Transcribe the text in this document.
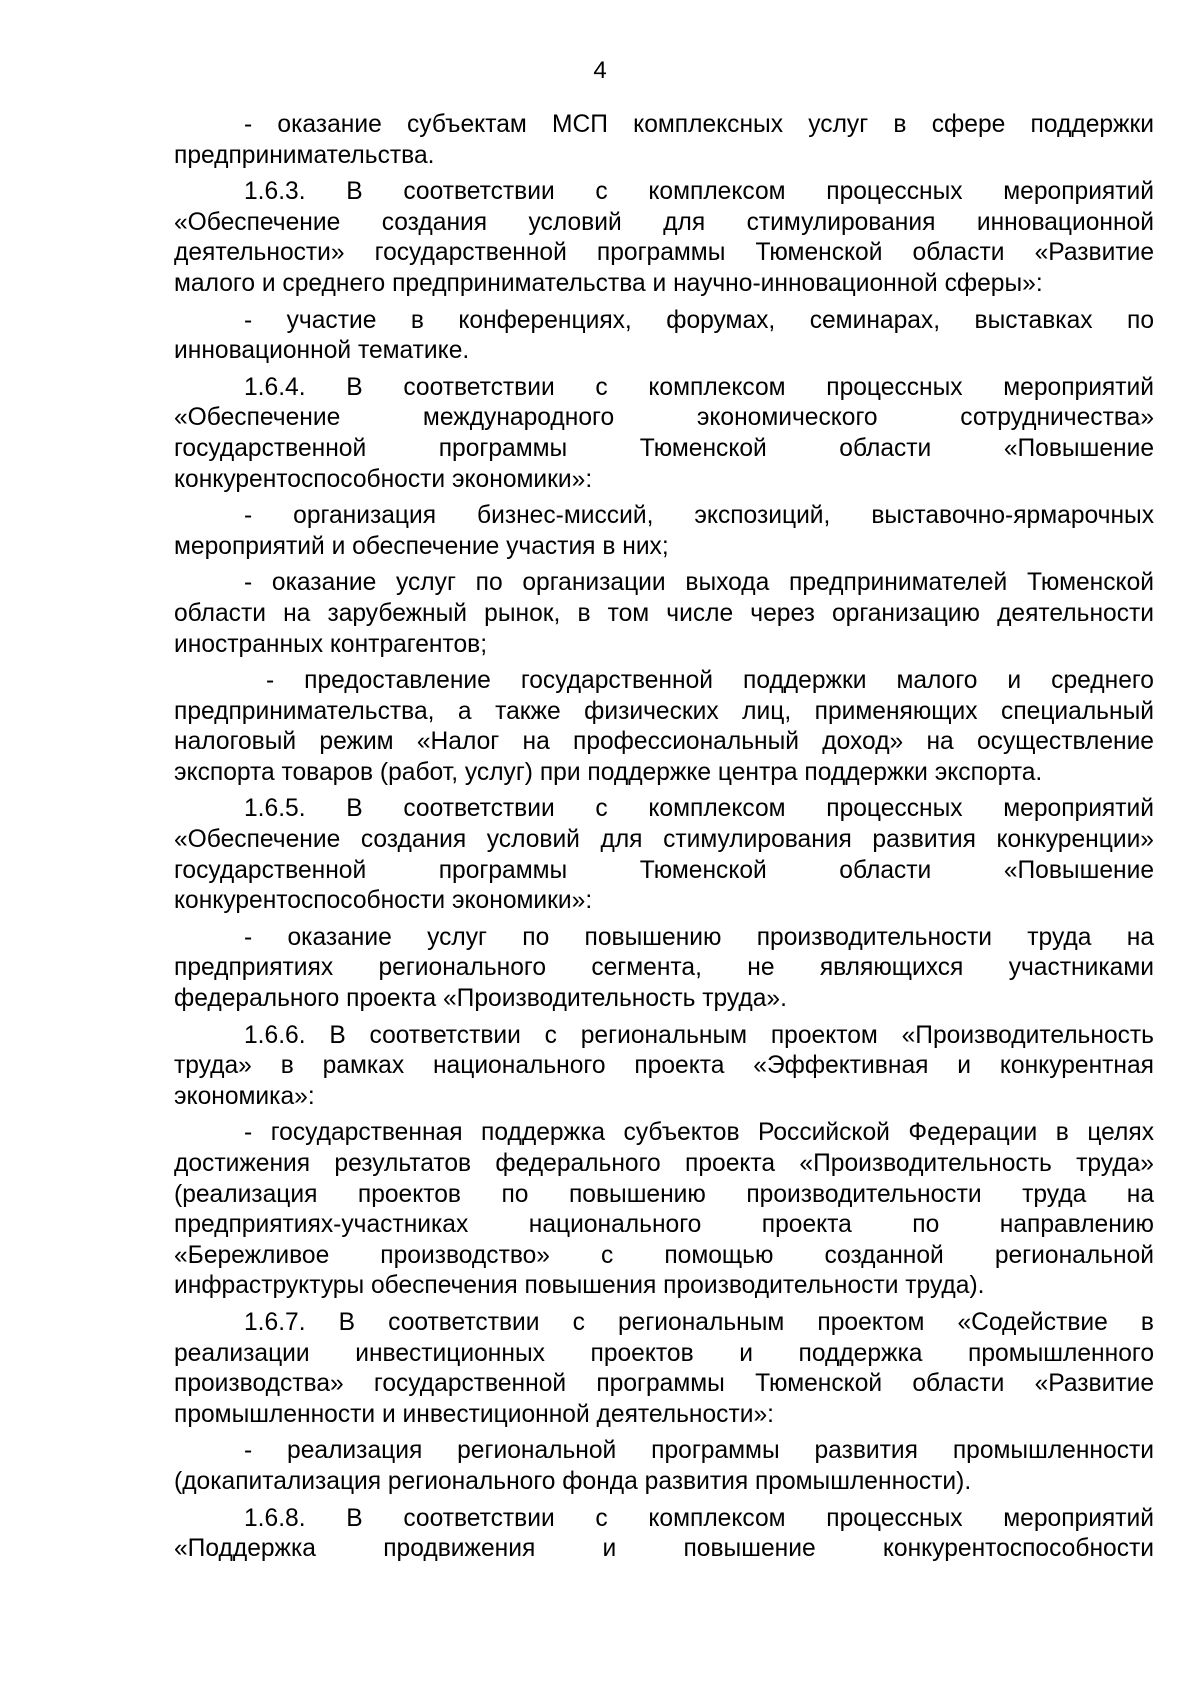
4
- оказание субъектам МСП комплексных услуг в сфере поддержки
предпринимательства.
1.6.3. В соответствии с комплексом процессных мероприятий
«Обеспечение создания условий для стимулирования инновационной
деятельности» государственной программы Тюменской области «Развитие
малого и среднего предпринимательства и научно-инновационной сферы»:
- участие в конференциях, форумах, семинарах, выставках по
инновационной тематике.
1.6.4. В соответствии с комплексом процессных мероприятий
«Обеспечение международного экономического сотрудничества»
государственной программы Тюменской области «Повышение
конкурентоспособности экономики»:
- организация бизнес-миссий, экспозиций, выставочно-ярмарочных
мероприятий и обеспечение участия в них;
- оказание услуг по организации выхода предпринимателей Тюменской
области на зарубежный рынок, в том числе через организацию деятельности
иностранных контрагентов;
- предоставление государственной поддержки малого и среднего
предпринимательства, а также физических лиц, применяющих специальный
налоговый режим «Налог на профессиональный доход» на осуществление
экспорта товаров (работ, услуг) при поддержке центра поддержки экспорта.
1.6.5. В соответствии с комплексом процессных мероприятий
«Обеспечение создания условий для стимулирования развития конкуренции»
государственной программы Тюменской области «Повышение
конкурентоспособности экономики»:
- оказание услуг по повышению производительности труда на
предприятиях регионального сегмента, не являющихся участниками
федерального проекта «Производительность труда».
1.6.6. В соответствии с региональным проектом «Производительность
труда» в рамках национального проекта «Эффективная и конкурентная
экономика»:
- государственная поддержка субъектов Российской Федерации в целях
достижения результатов федерального проекта «Производительность труда»
(реализация проектов по повышению производительности труда на
предприятиях-участниках национального проекта по направлению
«Бережливое производство» с помощью созданной региональной
инфраструктуры обеспечения повышения производительности труда).
1.6.7. В соответствии с региональным проектом «Содействие в
реализации инвестиционных проектов и поддержка промышленного
производства» государственной программы Тюменской области «Развитие
промышленности и инвестиционной деятельности»:
- реализация региональной программы развития промышленности
(докапитализация регионального фонда развития промышленности).
1.6.8. В соответствии с комплексом процессных мероприятий
«Поддержка продвижения и повышение конкурентоспособности
